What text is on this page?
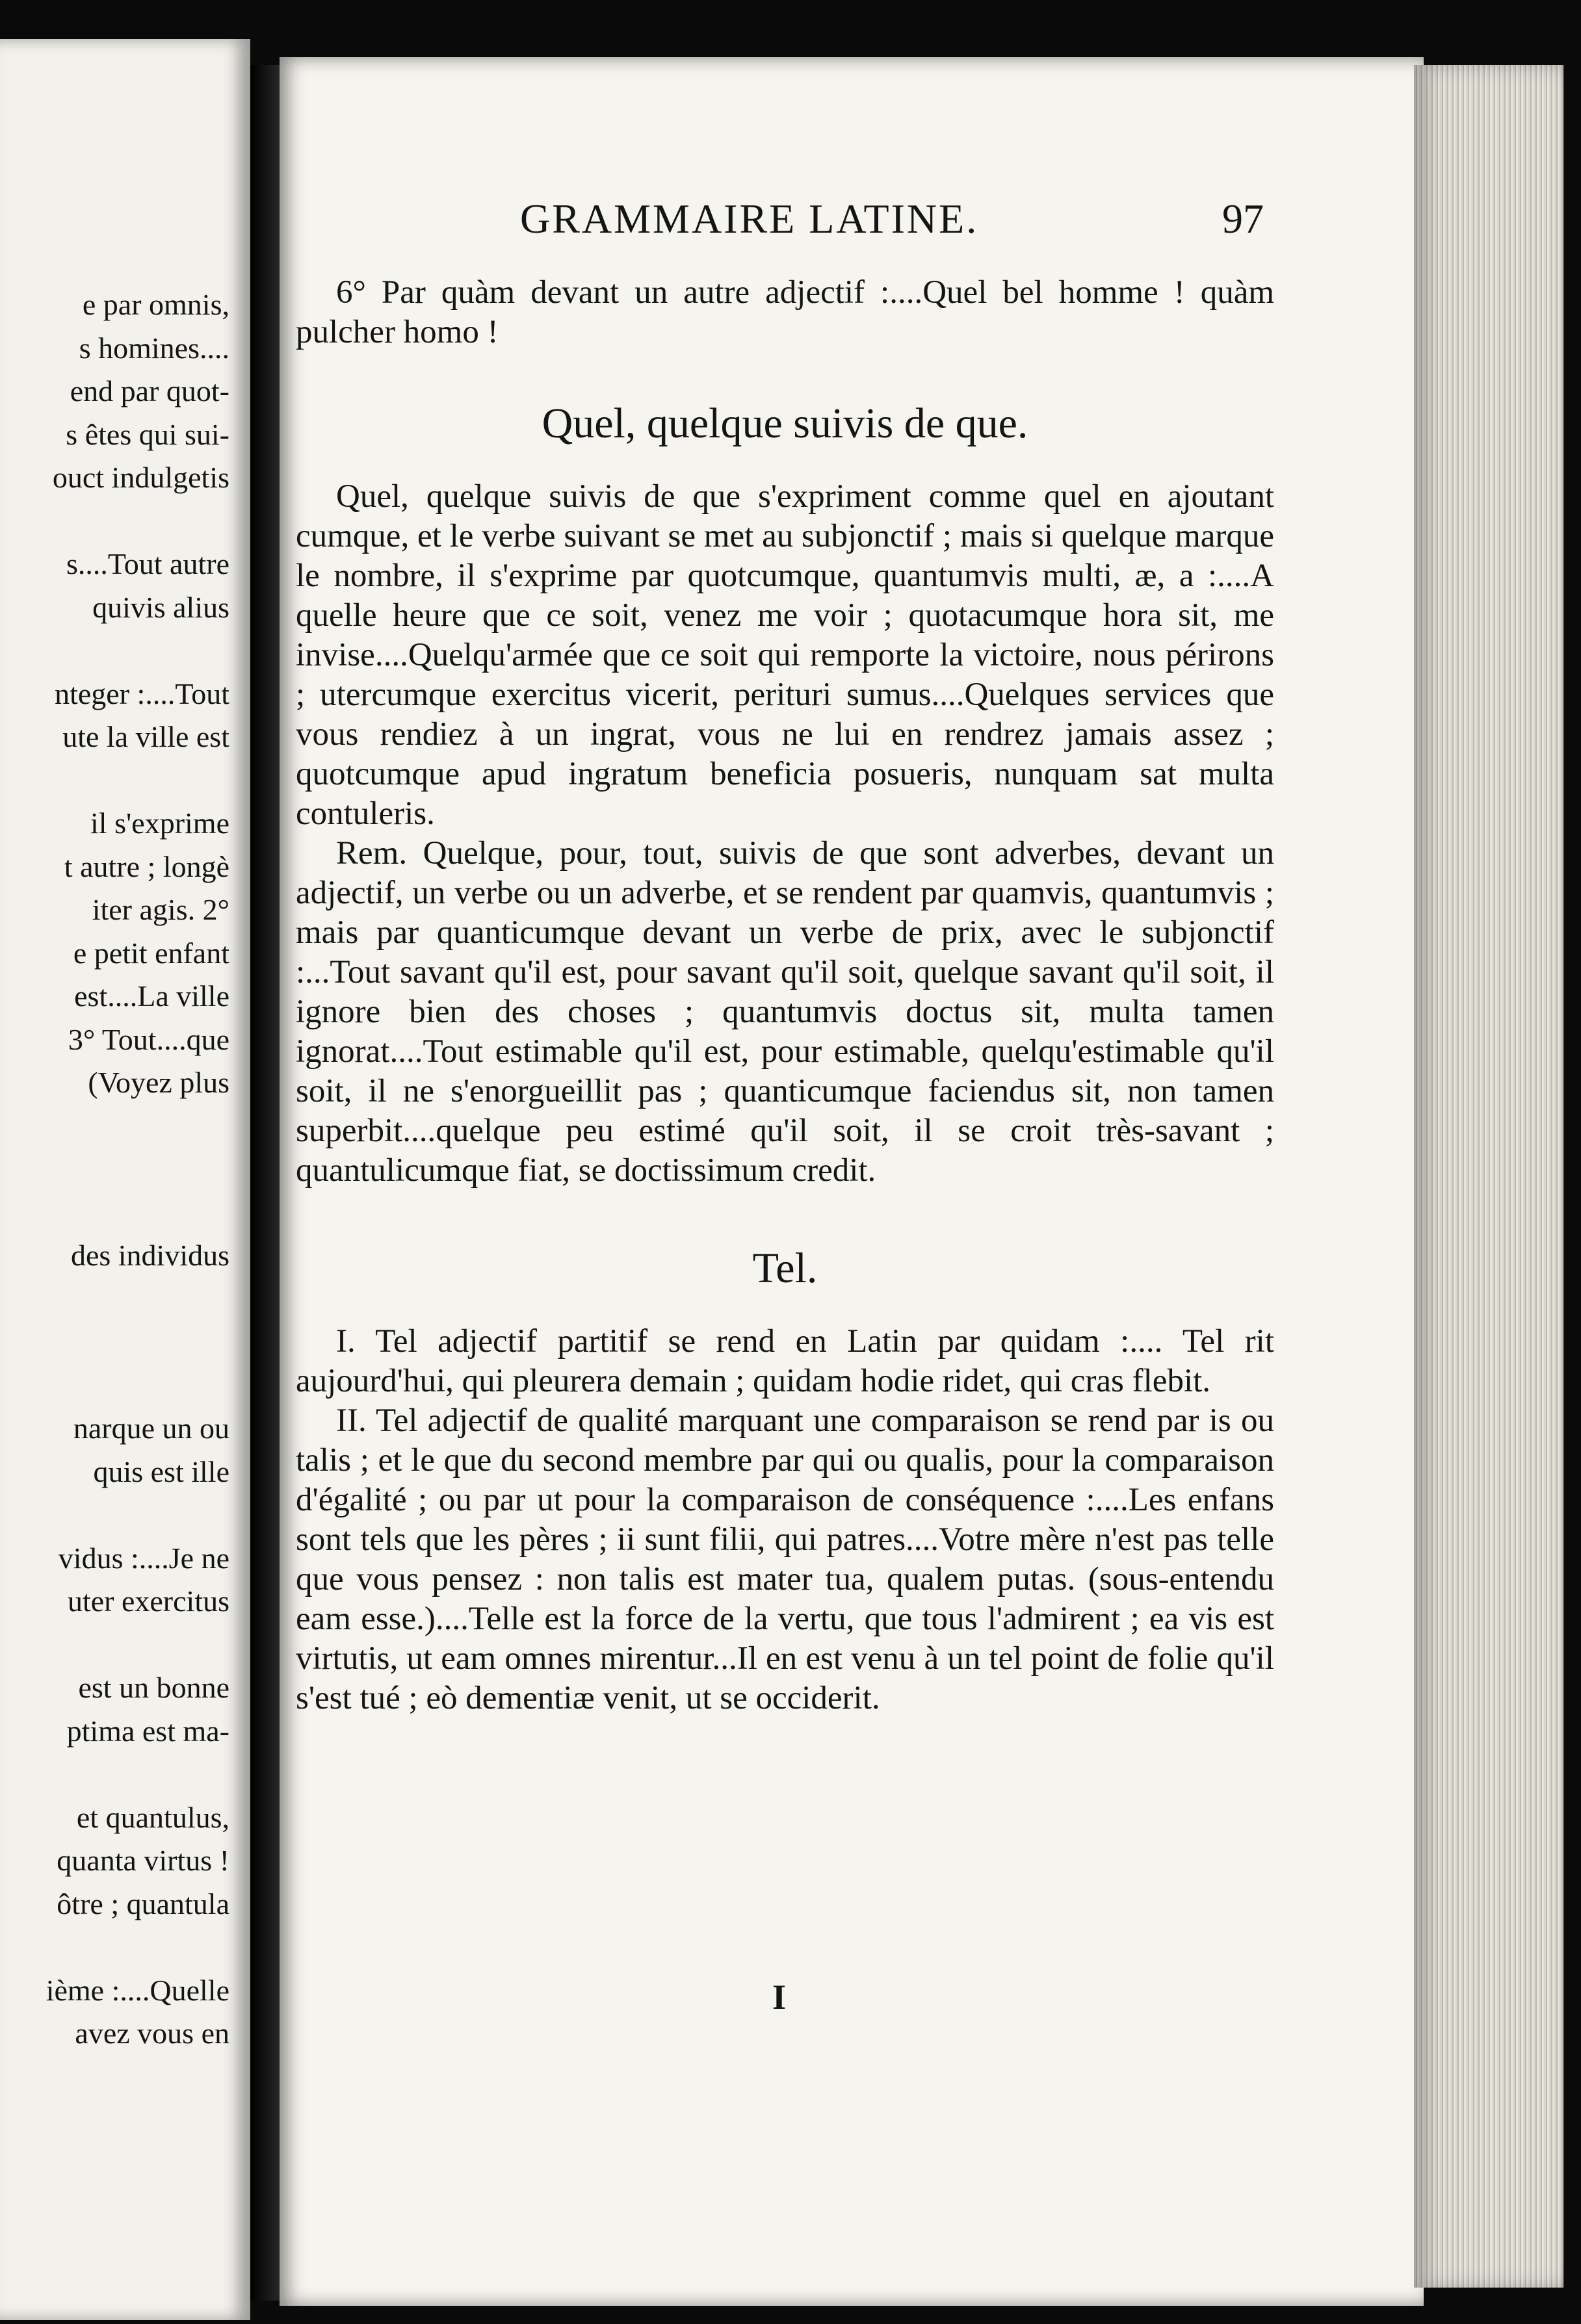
e par omnis,
s homines....
end par quot-
s êtes qui sui-
ouct indulgetis
s....Tout autre
quivis alius
nteger :....Tout
ute la ville est
il s'exprime
t autre ; longè
iter agis. 2°
e petit enfant
est....La ville
3° Tout....que
(Voyez plus
des individus
narque un ou
quis est ille
vidus :....Je ne
uter exercitus
est un bonne
ptima est ma-
et quantulus,
quanta virtus !
ôtre ; quantula
ième :....Quelle
avez vous en
GRAMMAIRE LATINE.	97

6° Par quàm devant un autre adjectif :....Quel bel homme ! quàm pulcher homo !

Quel, quelque suivis de que.

Quel, quelque suivis de que s'expriment comme quel en ajoutant cumque, et le verbe suivant se met au subjonctif ; mais si quelque marque le nombre, il s'exprime par quotcumque, quantumvis multi, æ, a :....A quelle heure que ce soit, venez me voir ; quotacumque hora sit, me invise....Quelqu'armée que ce soit qui remporte la victoire, nous périrons ; utercumque exercitus vicerit, perituri sumus....Quelques services que vous rendiez à un ingrat, vous ne lui en rendrez jamais assez ; quotcumque apud ingratum beneficia posueris, nunquam sat multa contuleris.

Rem. Quelque, pour, tout, suivis de que sont adverbes, devant un adjectif, un verbe ou un adverbe, et se rendent par quamvis, quantumvis ; mais par quanticumque devant un verbe de prix, avec le subjonctif :...Tout savant qu'il est, pour savant qu'il soit, quelque savant qu'il soit, il ignore bien des choses ; quantumvis doctus sit, multa tamen ignorat....Tout estimable qu'il est, pour estimable, quelqu'estimable qu'il soit, il ne s'enorgueillit pas ; quanticumque faciendus sit, non tamen superbit....quelque peu estimé qu'il soit, il se croit très-savant ; quantulicumque fiat, se doctissimum credit.

Tel.

I. Tel adjectif partitif se rend en Latin par quidam :.... Tel rit aujourd'hui, qui pleurera demain ; quidam hodie ridet, qui cras flebit.

II. Tel adjectif de qualité marquant une comparaison se rend par is ou talis ; et le que du second membre par qui ou qualis, pour la comparaison d'égalité ; ou par ut pour la comparaison de conséquence :....Les enfans sont tels que les pères ; ii sunt filii, qui patres....Votre mère n'est pas telle que vous pensez : non talis est mater tua, qualem putas. (sous-entendu eam esse.)....Telle est la force de la vertu, que tous l'admirent ; ea vis est virtutis, ut eam omnes mirentur...Il en est venu à un tel point de folie qu'il s'est tué ; eò dementiæ venit, ut se occiderit.

I
